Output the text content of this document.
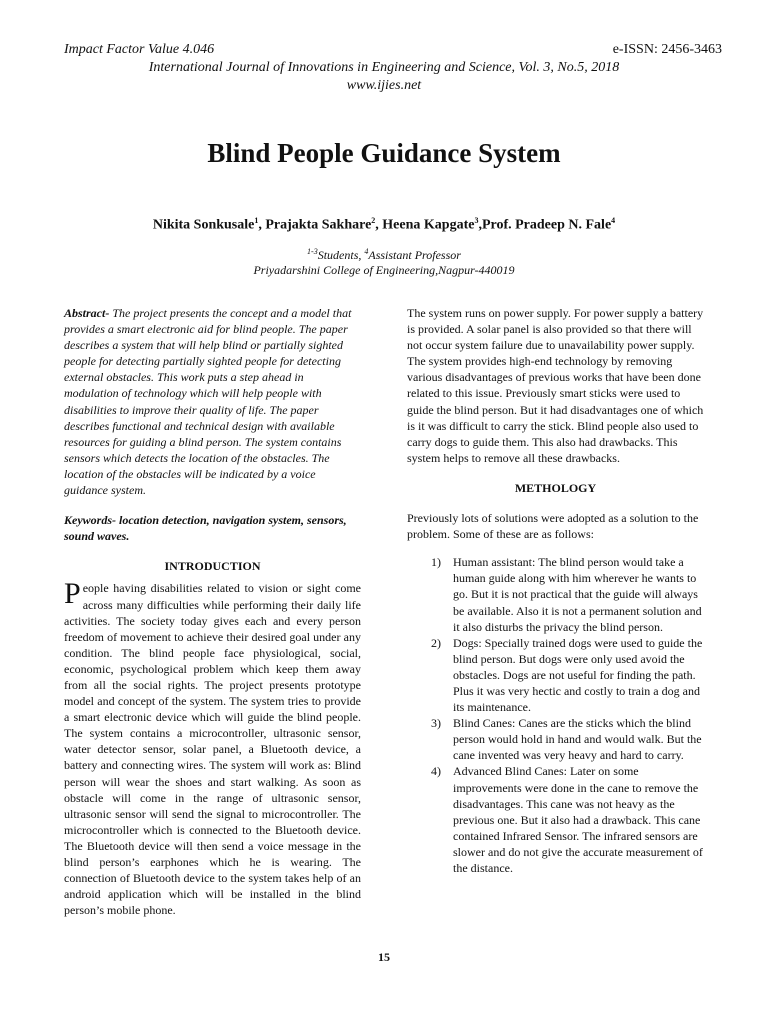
Impact Factor Value 4.046	e-ISSN: 2456-3463
International Journal of Innovations in Engineering and Science, Vol. 3, No.5, 2018
www.ijies.net
Blind People Guidance System
Nikita Sonkusale$^1$, Prajakta Sakhare$^2$, Heena Kapgate$^3$,Prof. Pradeep N. Fale$^4$
$^{1-3}$Students, $^4$Assistant Professor
Priyadarshini College of Engineering,Nagpur-440019

Abstract- The project presents the concept and a model that provides a smart electronic aid for blind people. The paper describes a system that will help blind or partially sighted people for detecting partially sighted people for detecting external obstacles. This work puts a step ahead in modulation of technology which will help people with disabilities to improve their quality of life. The paper describes functional and technical design with available resources for guiding a blind person. The system contains sensors which detects the location of the obstacles. The location of the obstacles will be indicated by a voice guidance system.

Keywords- location detection, navigation system, sensors, sound waves.

INTRODUCTION

People having disabilities related to vision or sight come across many difficulties while performing their daily life activities. The society today gives each and every person freedom of movement to achieve their desired goal under any condition. The blind people face physiological, social, economic, psychological problem which keep them away from all the social rights. The project presents prototype model and concept of the system. The system tries to provide a smart electronic device which will guide the blind people. The system contains a microcontroller, ultrasonic sensor, water detector sensor, solar panel, a Bluetooth device, a battery and connecting wires. The system will work as: Blind person will wear the shoes and start walking. As soon as obstacle will come in the range of ultrasonic sensor, ultrasonic sensor will send the signal to microcontroller. The microcontroller which is connected to the Bluetooth device. The Bluetooth device will then send a voice message in the blind person’s earphones which he is wearing. The connection of Bluetooth device to the system takes help of an android application which will be installed in the blind person’s mobile phone.

The system runs on power supply. For power supply a battery is provided. A solar panel is also provided so that there will not occur system failure due to unavailability power supply. The system provides high-end technology by removing various disadvantages of previous works that have been done related to this issue. Previously smart sticks were used to guide the blind person. But it had disadvantages one of which is it was difficult to carry the stick. Blind people also used to carry dogs to guide them. This also had drawbacks. This system helps to remove all these drawbacks.

METHOLOGY

Previously lots of solutions were adopted as a solution to the problem. Some of these are as follows:

1) Human assistant: The blind person would take a human guide along with him wherever he wants to go. But it is not practical that the guide will always be available. Also it is not a permanent solution and it also disturbs the privacy the blind person.
2) Dogs: Specially trained dogs were used to guide the blind person. But dogs were only used avoid the obstacles. Dogs are not useful for finding the path. Plus it was very hectic and costly to train a dog and its maintenance.
3) Blind Canes: Canes are the sticks which the blind person would hold in hand and would walk. But the cane invented was very heavy and hard to carry.
4) Advanced Blind Canes: Later on some improvements were done in the cane to remove the disadvantages. This cane was not heavy as the previous one. But it also had a drawback. This cane contained Infrared Sensor. The infrared sensors are slower and do not give the accurate measurement of the distance.
15
